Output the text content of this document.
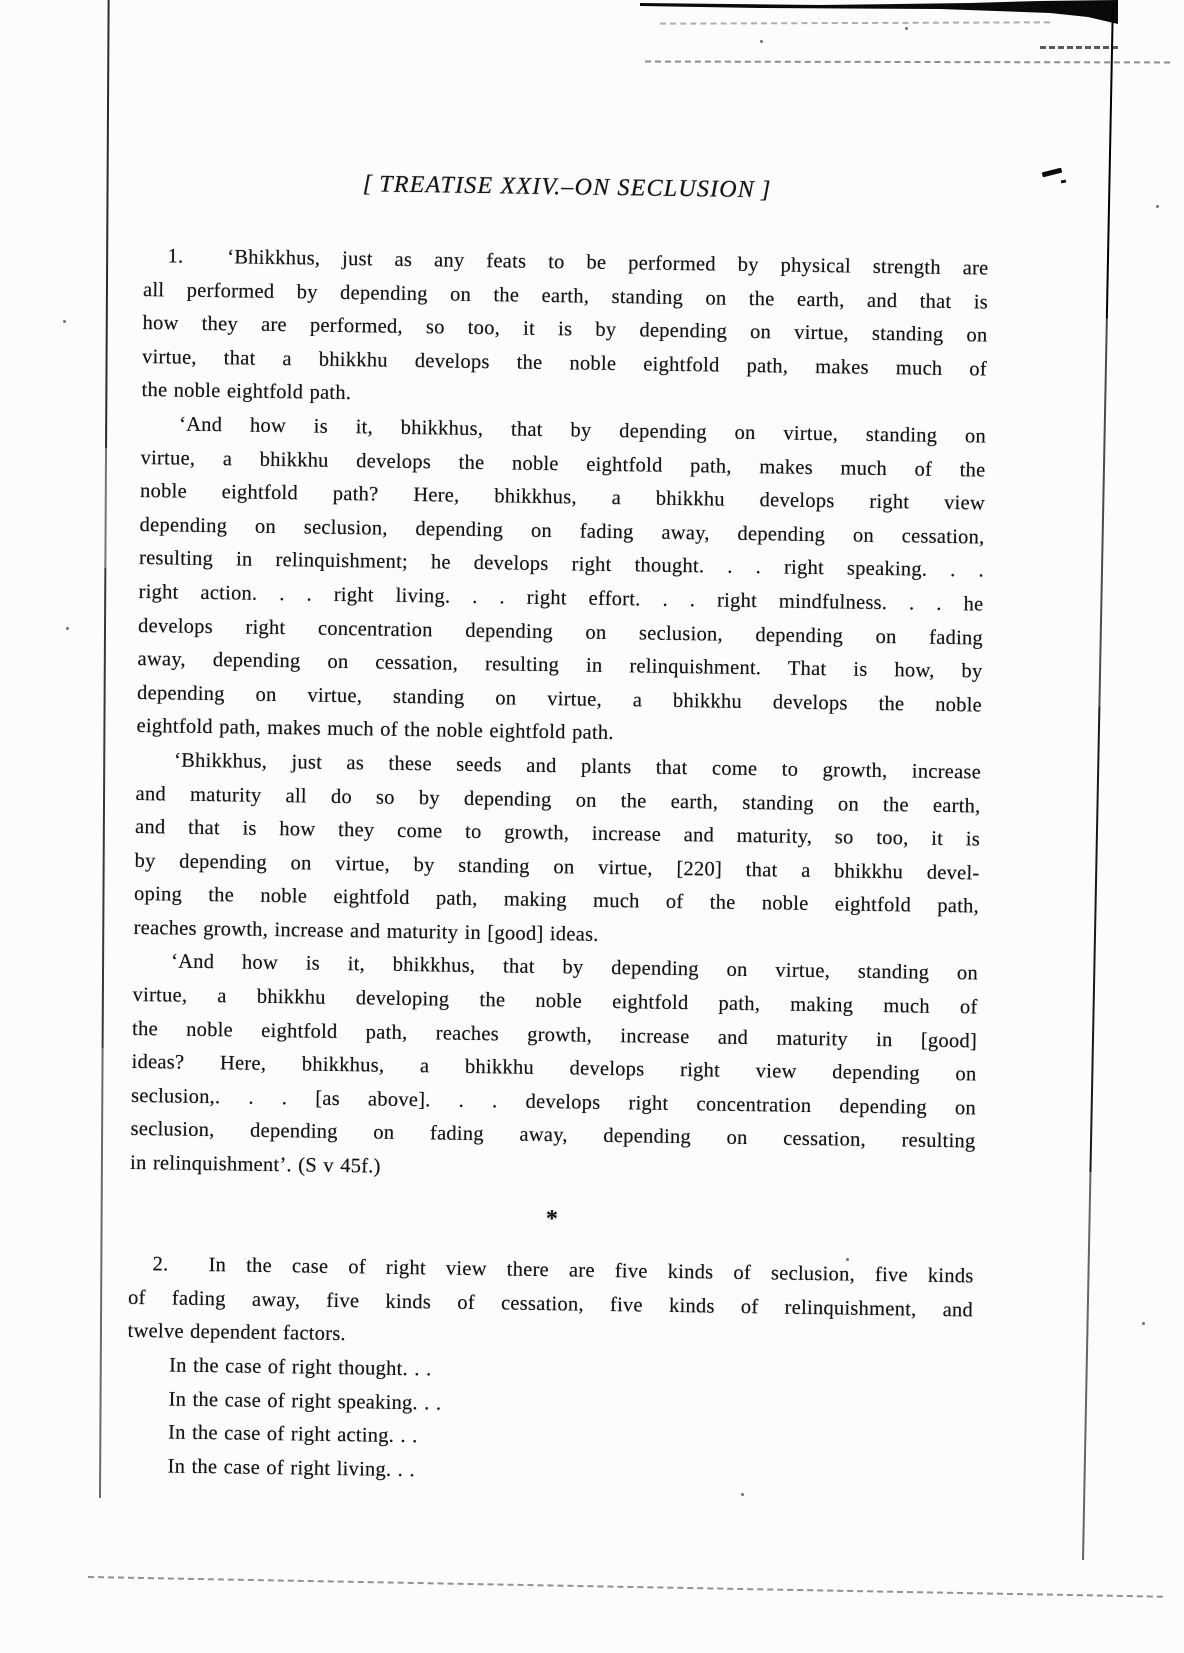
[ TREATISE XXIV.–ON SECLUSION ]
1.  ‘Bhikkhus, just as any feats to be performed by physical strength are
all performed by depending on the earth, standing on the earth, and that is
how they are performed, so too, it is by depending on virtue, standing on
virtue, that a bhikkhu develops the noble eightfold path, makes much of
the noble eightfold path.
‘And how is it, bhikkhus, that by depending on virtue, standing on
virtue, a bhikkhu develops the noble eightfold path, makes much of the
noble eightfold path? Here, bhikkhus, a bhikkhu develops right view
depending on seclusion, depending on fading away, depending on cessation,
resulting in relinquishment; he develops right thought. . . right speaking. . .
right action. . . right living. . . right effort. . . right mindfulness. . . he
develops right concentration depending on seclusion, depending on fading
away, depending on cessation, resulting in relinquishment. That is how, by
depending on virtue, standing on virtue, a bhikkhu develops the noble
eightfold path, makes much of the noble eightfold path.
‘Bhikkhus, just as these seeds and plants that come to growth, increase
and maturity all do so by depending on the earth, standing on the earth,
and that is how they come to growth, increase and maturity, so too, it is
by depending on virtue, by standing on virtue, [220] that a bhikkhu devel-
oping the noble eightfold path, making much of the noble eightfold path,
reaches growth, increase and maturity in [good] ideas.
‘And how is it, bhikkhus, that by depending on virtue, standing on
virtue, a bhikkhu developing the noble eightfold path, making much of
the noble eightfold path, reaches growth, increase and maturity in [good]
ideas? Here, bhikkhus, a bhikkhu develops right view depending on
seclusion,. . . [as above]. . . develops right concentration depending on
seclusion, depending on fading away, depending on cessation, resulting
in relinquishment’. (S v 45f.)
*
2.  In the case of right view there are five kinds of seclusion, five kinds
of fading away, five kinds of cessation, five kinds of relinquishment, and
twelve dependent factors.
In the case of right thought. . .
In the case of right speaking. . .
In the case of right acting. . .
In the case of right living. . .
